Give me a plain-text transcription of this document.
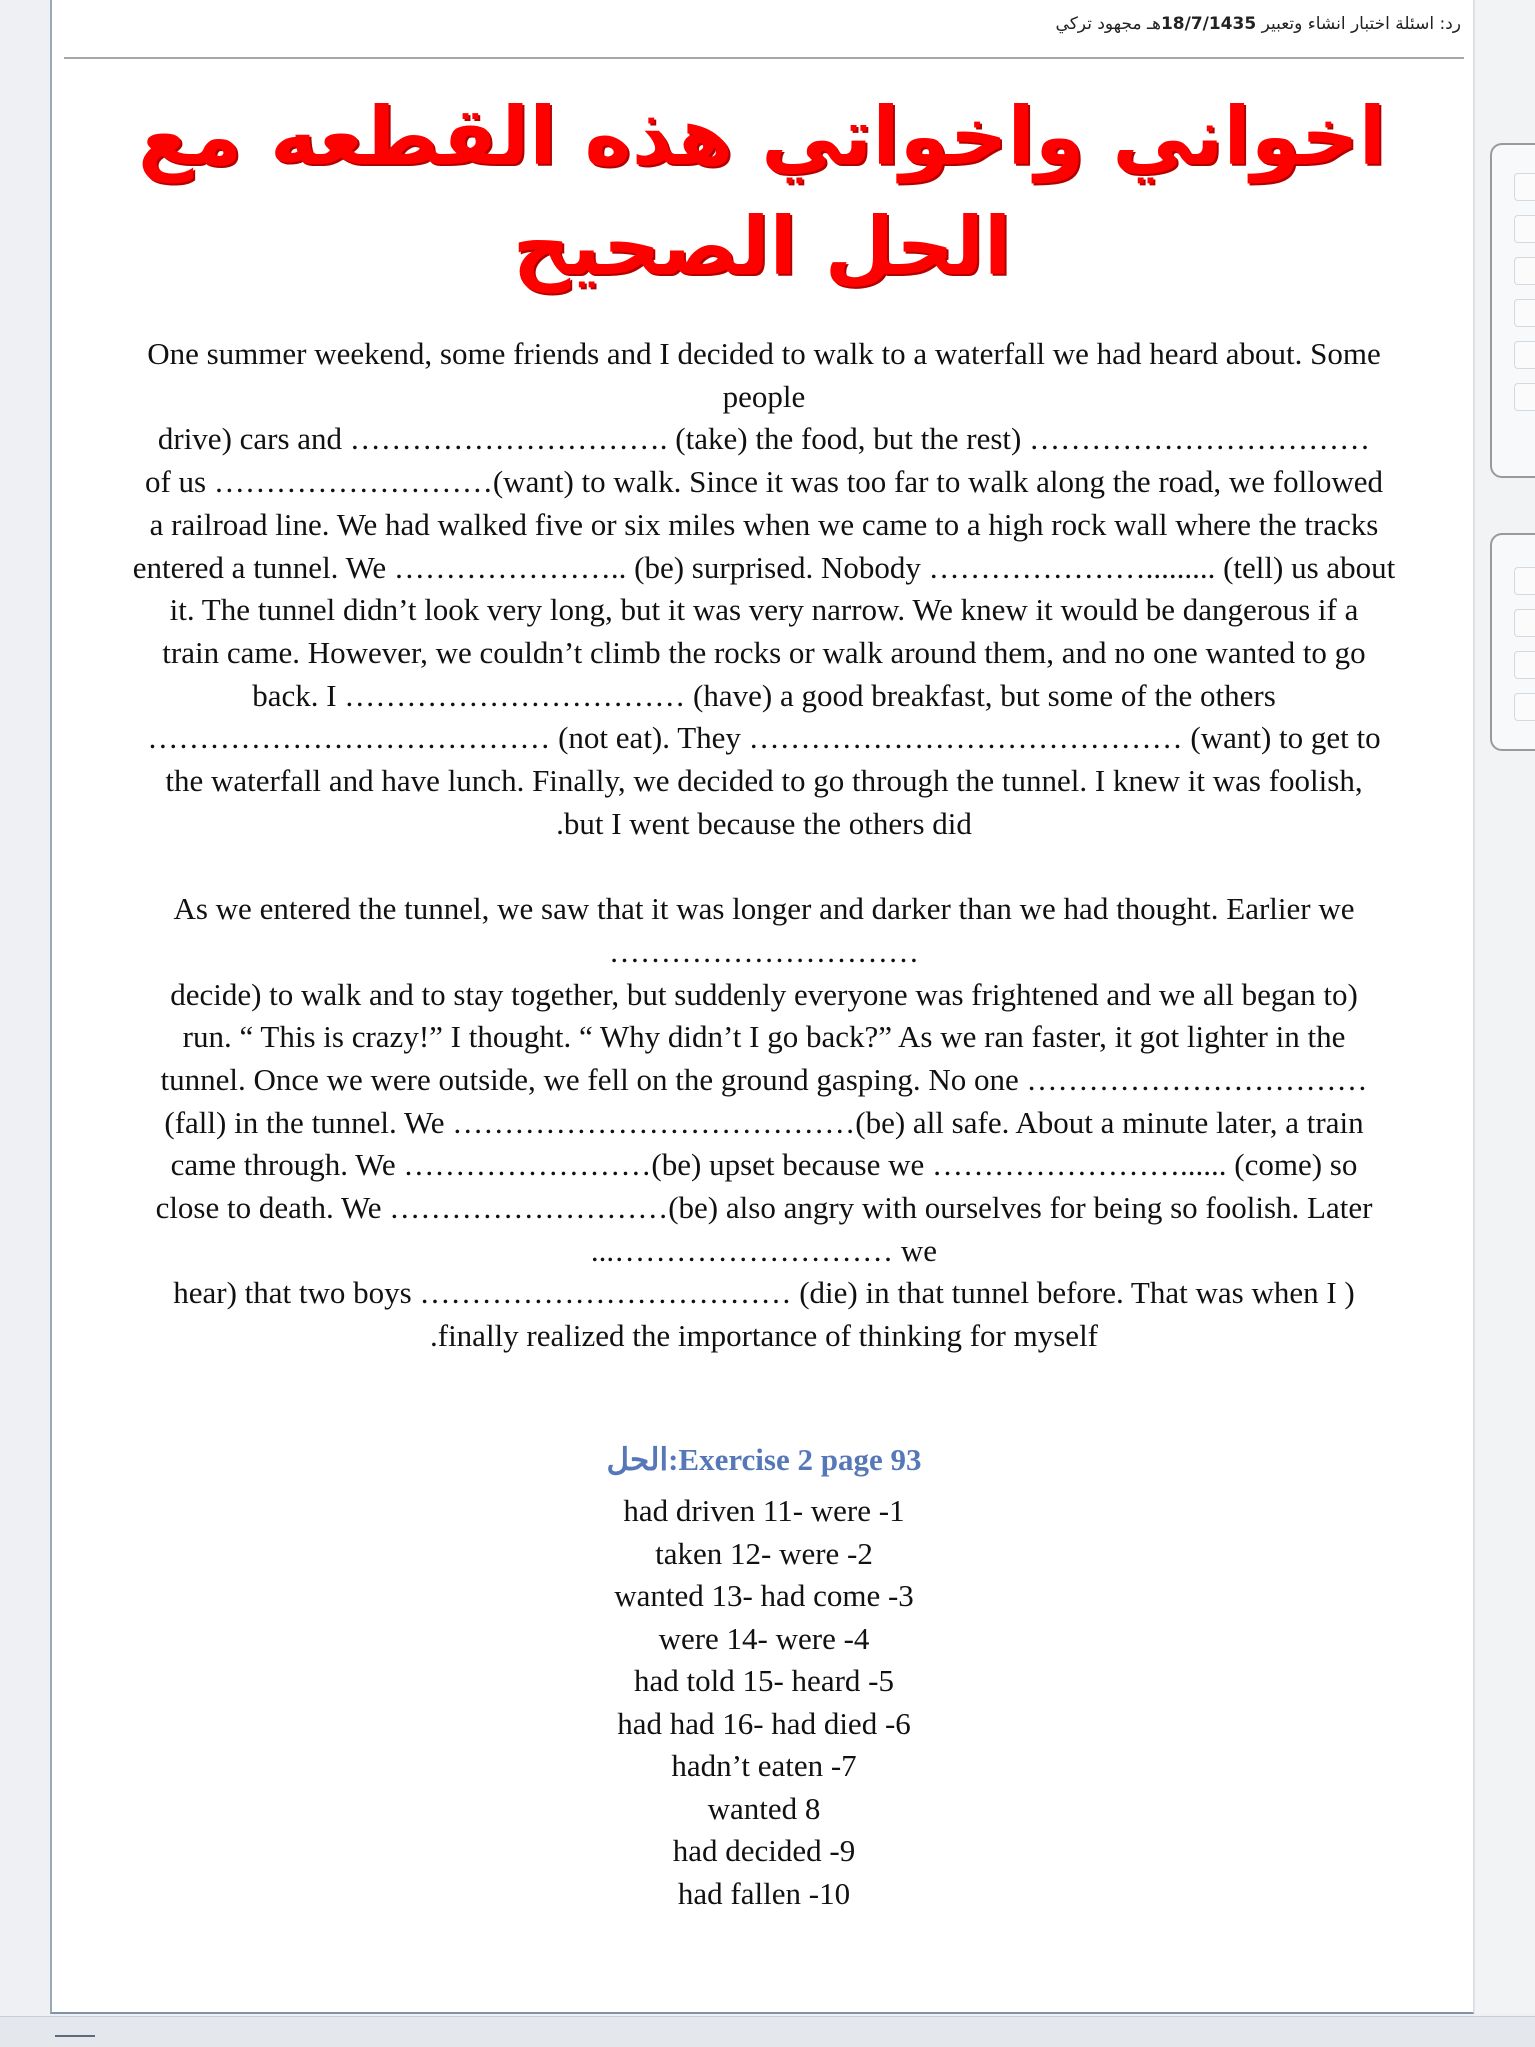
رد: اسئلة اختبار انشاء وتعبير 18/7/1435هـ مجهود تركي
اخواني واخواتي هذه القطعه مع الحل الصحيح
One summer weekend, some friends and I decided to walk to a waterfall we had heard about. Some
people
drive) cars and …………………………. (take) the food, but the rest) ……………………………
of us ………………………(want) to walk. Since it was too far to walk along the road, we followed
a railroad line. We had walked five or six miles when we came to a high rock wall where the tracks
entered a tunnel. We ………………….. (be) surprised. Nobody …………………......... (tell) us about
it. The tunnel didn’t look very long, but it was very narrow. We knew it would be dangerous if a
train came. However, we couldn’t climb the rocks or walk around them, and no one wanted to go
back. I …………………………… (have) a good breakfast, but some of the others
………………………………… (not eat). They …………………………………… (want) to get to
the waterfall and have lunch. Finally, we decided to go through the tunnel. I knew it was foolish,
.but I went because the others did
As we entered the tunnel, we saw that it was longer and darker than we had thought. Earlier we
…………………………
decide) to walk and to stay together, but suddenly everyone was frightened and we all began to)
run. “ This is crazy!” I thought. “ Why didn’t I go back?” As we ran faster, it got lighter in the
tunnel. Once we were outside, we fell on the ground gasping. No one ……………………………
(fall) in the tunnel. We …………………………………(be) all safe. About a minute later, a train
came through. We ……………………(be) upset because we ……………………...... (come) so
close to death. We ………………………(be) also angry with ourselves for being so foolish. Later
...……………………… we
hear) that two boys ……………………………… (die) in that tunnel before. That was when I )
.finally realized the importance of thinking for myself
الحل:Exercise 2 page 93
had driven 11- were -1
taken 12- were -2
wanted 13- had come -3
were 14- were -4
had told 15- heard -5
had had 16- had died -6
hadn’t eaten -7
wanted 8
had decided -9
had fallen -10
